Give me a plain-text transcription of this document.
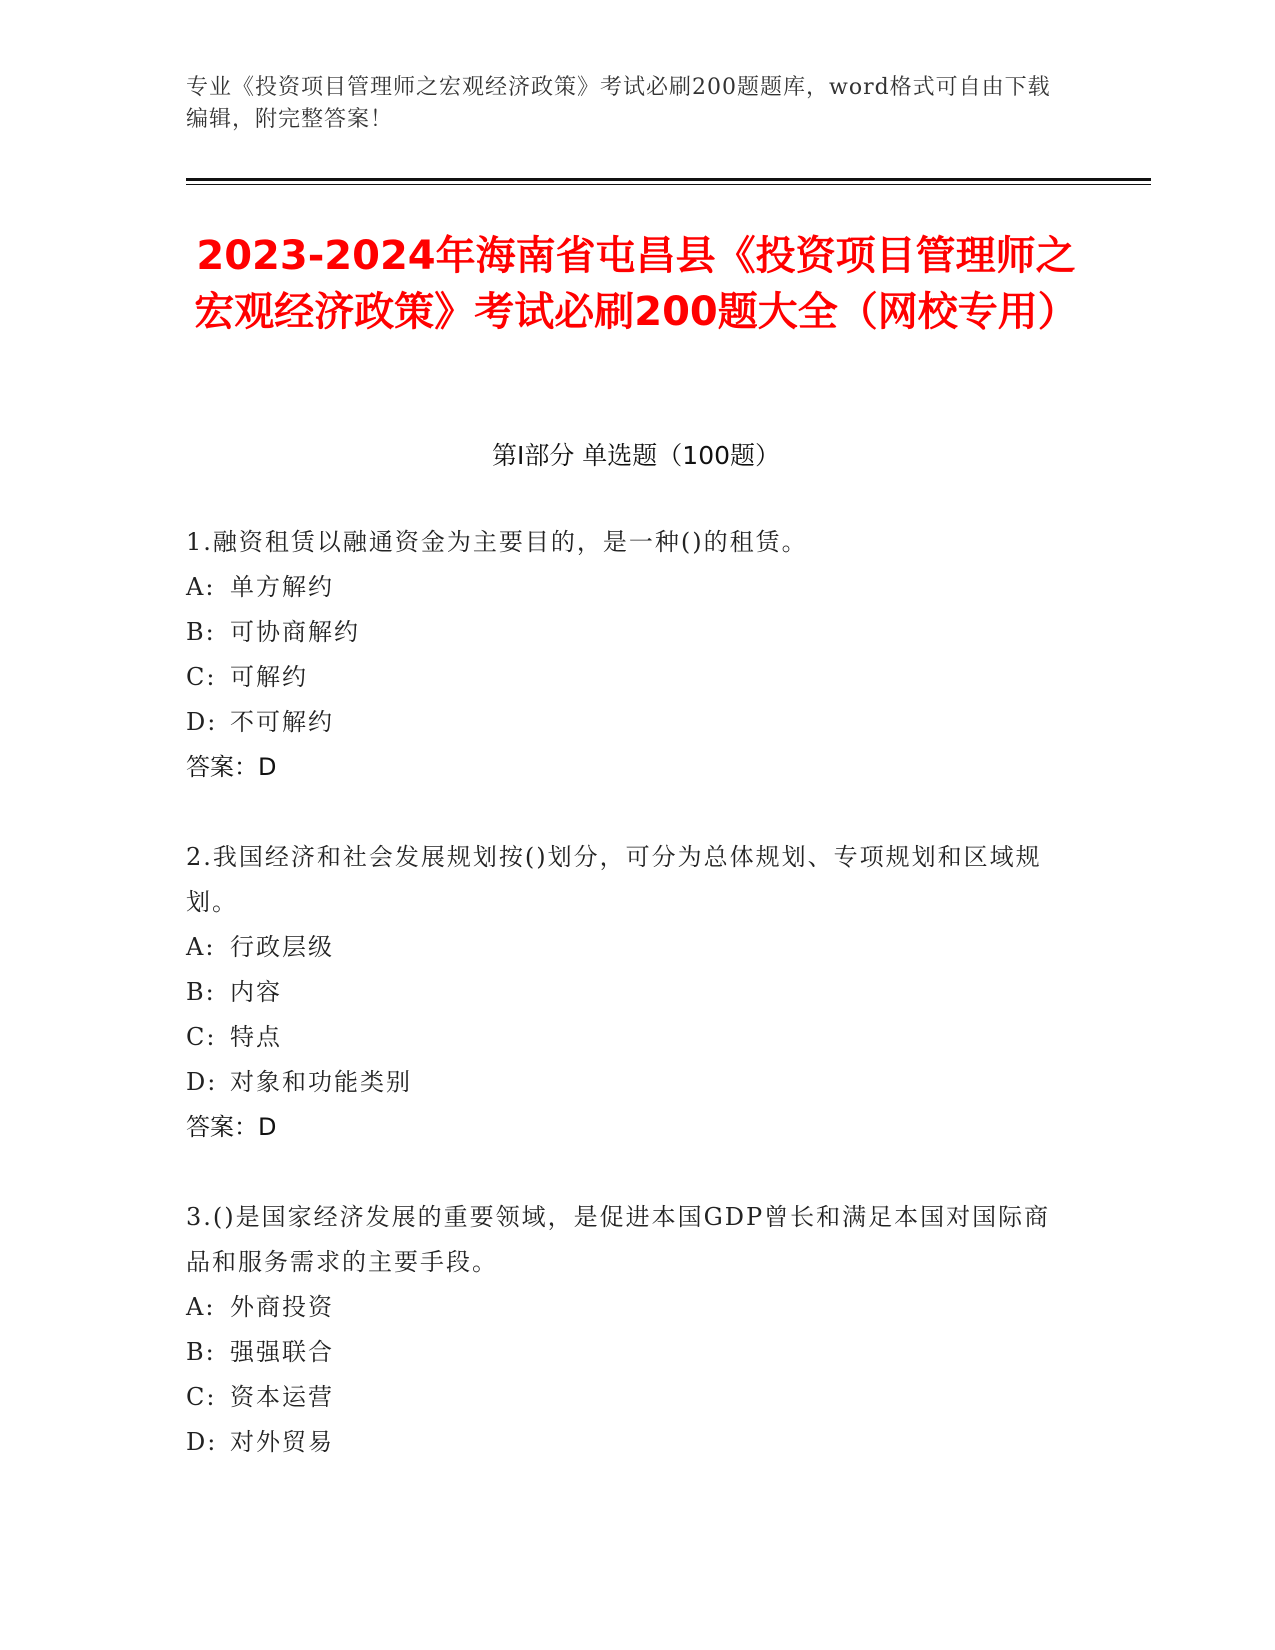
专业《投资项目管理师之宏观经济政策》考试必刷200题题库，word格式可自由下载编辑，附完整答案！
2023-2024年海南省屯昌县《投资项目管理师之宏观经济政策》考试必刷200题大全（网校专用）
第I部分 单选题（100题）
1.融资租赁以融通资金为主要目的，是一种()的租赁。
A: 单方解约
B: 可协商解约
C: 可解约
D: 不可解约
答案：D
2.我国经济和社会发展规划按()划分，可分为总体规划、专项规划和区域规划。
A: 行政层级
B: 内容
C: 特点
D: 对象和功能类别
答案：D
3.()是国家经济发展的重要领域，是促进本国GDP曾长和满足本国对国际商品和服务需求的主要手段。
A: 外商投资
B: 强强联合
C: 资本运营
D: 对外贸易
